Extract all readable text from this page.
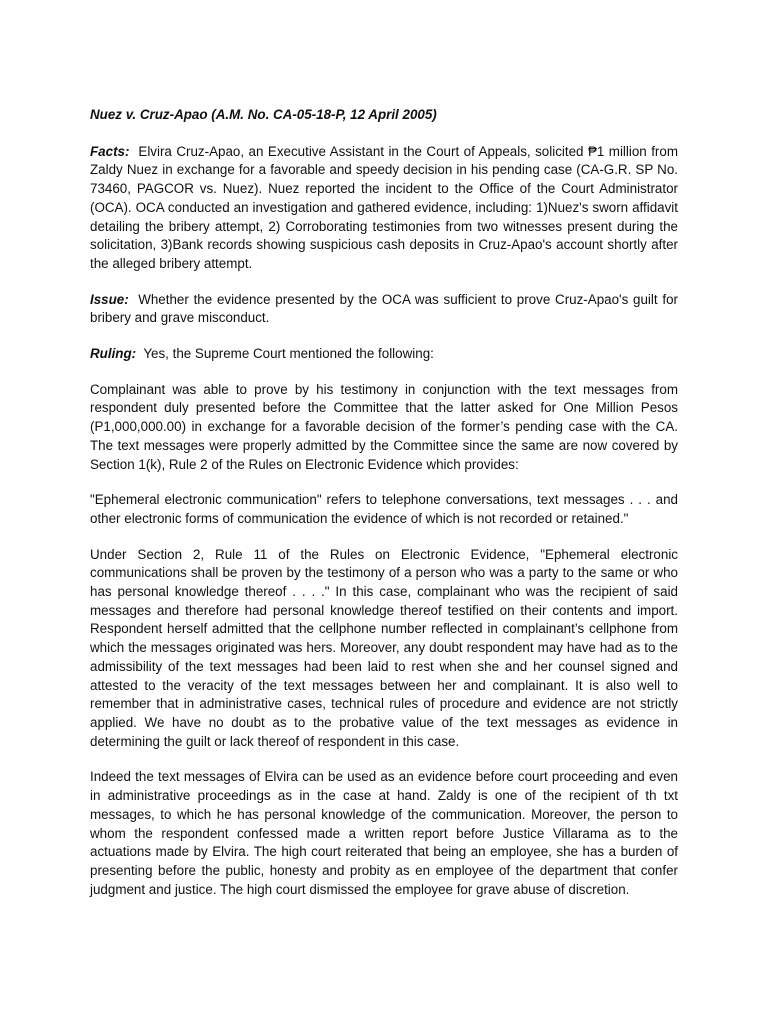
Nuez v. Cruz-Apao (A.M. No. CA-05-18-P, 12 April 2005)

Facts: Elvira Cruz-Apao, an Executive Assistant in the Court of Appeals, solicited ₱1 million from Zaldy Nuez in exchange for a favorable and speedy decision in his pending case (CA-G.R. SP No. 73460, PAGCOR vs. Nuez). Nuez reported the incident to the Office of the Court Administrator (OCA). OCA conducted an investigation and gathered evidence, including: 1)Nuez's sworn affidavit detailing the bribery attempt, 2) Corroborating testimonies from two witnesses present during the solicitation, 3)Bank records showing suspicious cash deposits in Cruz-Apao's account shortly after the alleged bribery attempt.

Issue: Whether the evidence presented by the OCA was sufficient to prove Cruz-Apao's guilt for bribery and grave misconduct.

Ruling: Yes, the Supreme Court mentioned the following:

Complainant was able to prove by his testimony in conjunction with the text messages from respondent duly presented before the Committee that the latter asked for One Million Pesos (P1,000,000.00) in exchange for a favorable decision of the former’s pending case with the CA. The text messages were properly admitted by the Committee since the same are now covered by Section 1(k), Rule 2 of the Rules on Electronic Evidence which provides:

"Ephemeral electronic communication" refers to telephone conversations, text messages . . . and other electronic forms of communication the evidence of which is not recorded or retained."

Under Section 2, Rule 11 of the Rules on Electronic Evidence, "Ephemeral electronic communications shall be proven by the testimony of a person who was a party to the same or who has personal knowledge thereof . . . ." In this case, complainant who was the recipient of said messages and therefore had personal knowledge thereof testified on their contents and import. Respondent herself admitted that the cellphone number reflected in complainant’s cellphone from which the messages originated was hers. Moreover, any doubt respondent may have had as to the admissibility of the text messages had been laid to rest when she and her counsel signed and attested to the veracity of the text messages between her and complainant. It is also well to remember that in administrative cases, technical rules of procedure and evidence are not strictly applied. We have no doubt as to the probative value of the text messages as evidence in determining the guilt or lack thereof of respondent in this case.

Indeed the text messages of Elvira can be used as an evidence before court proceeding and even in administrative proceedings as in the case at hand. Zaldy is one of the recipient of th txt messages, to which he has personal knowledge of the communication. Moreover, the person to whom the respondent confessed made a written report before Justice Villarama as to the actuations made by Elvira. The high court reiterated that being an employee, she has a burden of presenting before the public, honesty and probity as en employee of the department that confer judgment and justice. The high court dismissed the employee for grave abuse of discretion.
